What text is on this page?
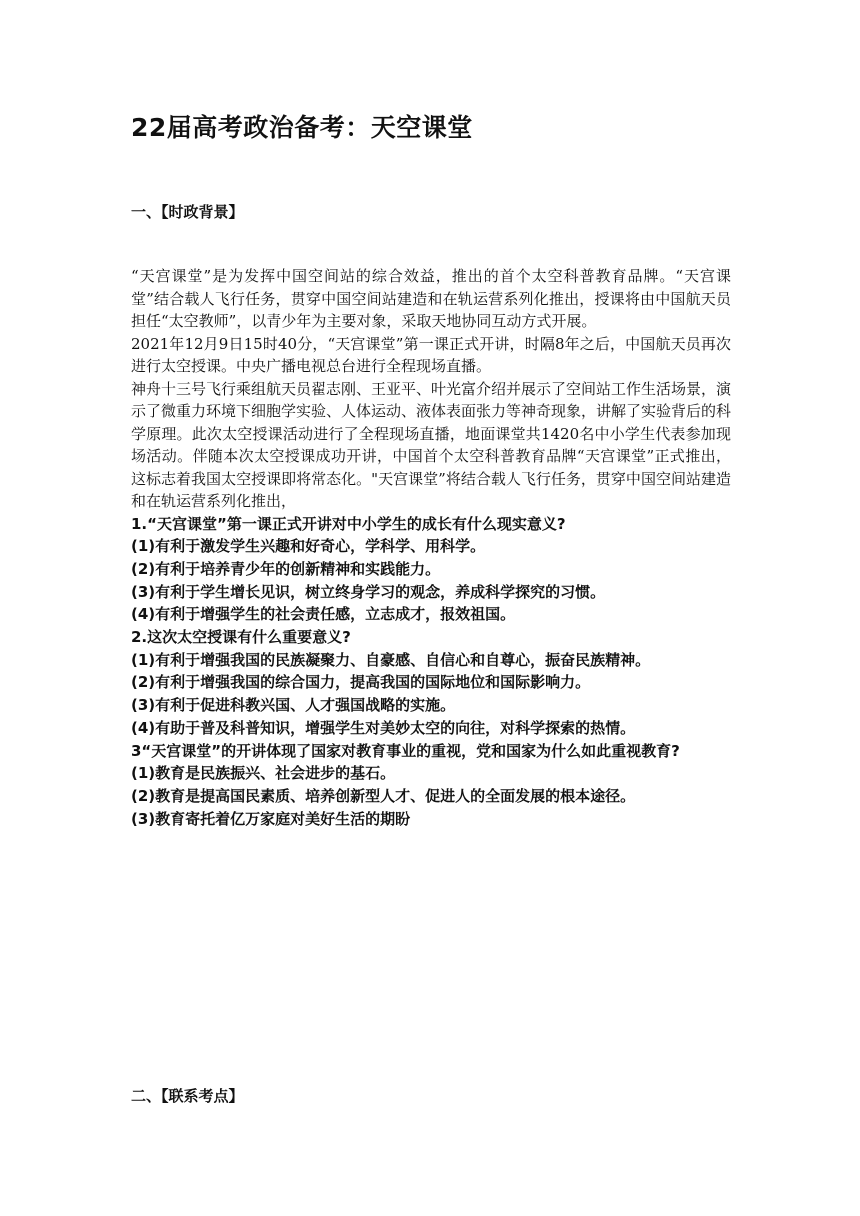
22届高考政治备考：天空课堂
一、【时政背景】

“天宫课堂”是为发挥中国空间站的综合效益，推出的首个太空科普教育品牌。“天宫课堂”结合载人飞行任务，贯穿中国空间站建造和在轨运营系列化推出，授课将由中国航天员担任“太空教师”，以青少年为主要对象，采取天地协同互动方式开展。

2021年12月9日15时40分，“天宫课堂”第一课正式开讲，时隔8年之后，中国航天员再次进行太空授课。中央广播电视总台进行全程现场直播。

神舟十三号飞行乘组航天员翟志刚、王亚平、叶光富介绍并展示了空间站工作生活场景，演示了微重力环境下细胞学实验、人体运动、液体表面张力等神奇现象，讲解了实验背后的科学原理。此次太空授课活动进行了全程现场直播，地面课堂共1420名中小学生代表参加现场活动。伴随本次太空授课成功开讲，中国首个太空科普教育品牌“天宫课堂”正式推出，这标志着我国太空授课即将常态化。"天宫课堂”将结合载人飞行任务，贯穿中国空间站建造和在轨运营系列化推出，

1.“天宫课堂”第一课正式开讲对中小学生的成长有什么现实意义?

(1)有利于激发学生兴趣和好奇心，学科学、用科学。

(2)有利于培养青少年的创新精神和实践能力。

(3)有利于学生增长见识，树立终身学习的观念，养成科学探究的习惯。

(4)有利于增强学生的社会责任感，立志成才，报效祖国。

2.这次太空授课有什么重要意义?

(1)有利于增强我国的民族凝聚力、自豪感、自信心和自尊心，振奋民族精神。

(2)有利于增强我国的综合国力，提高我国的国际地位和国际影响力。

(3)有利于促进科教兴国、人才强国战略的实施。

(4)有助于普及科普知识，增强学生对美妙太空的向往，对科学探索的热情。

3“天宫课堂”的开讲体现了国家对教育事业的重视，党和国家为什么如此重视教育?

(1)教育是民族振兴、社会进步的基石。

(2)教育是提高国民素质、培养创新型人才、促进人的全面发展的根本途径。

(3)教育寄托着亿万家庭对美好生活的期盼

二、【联系考点】
